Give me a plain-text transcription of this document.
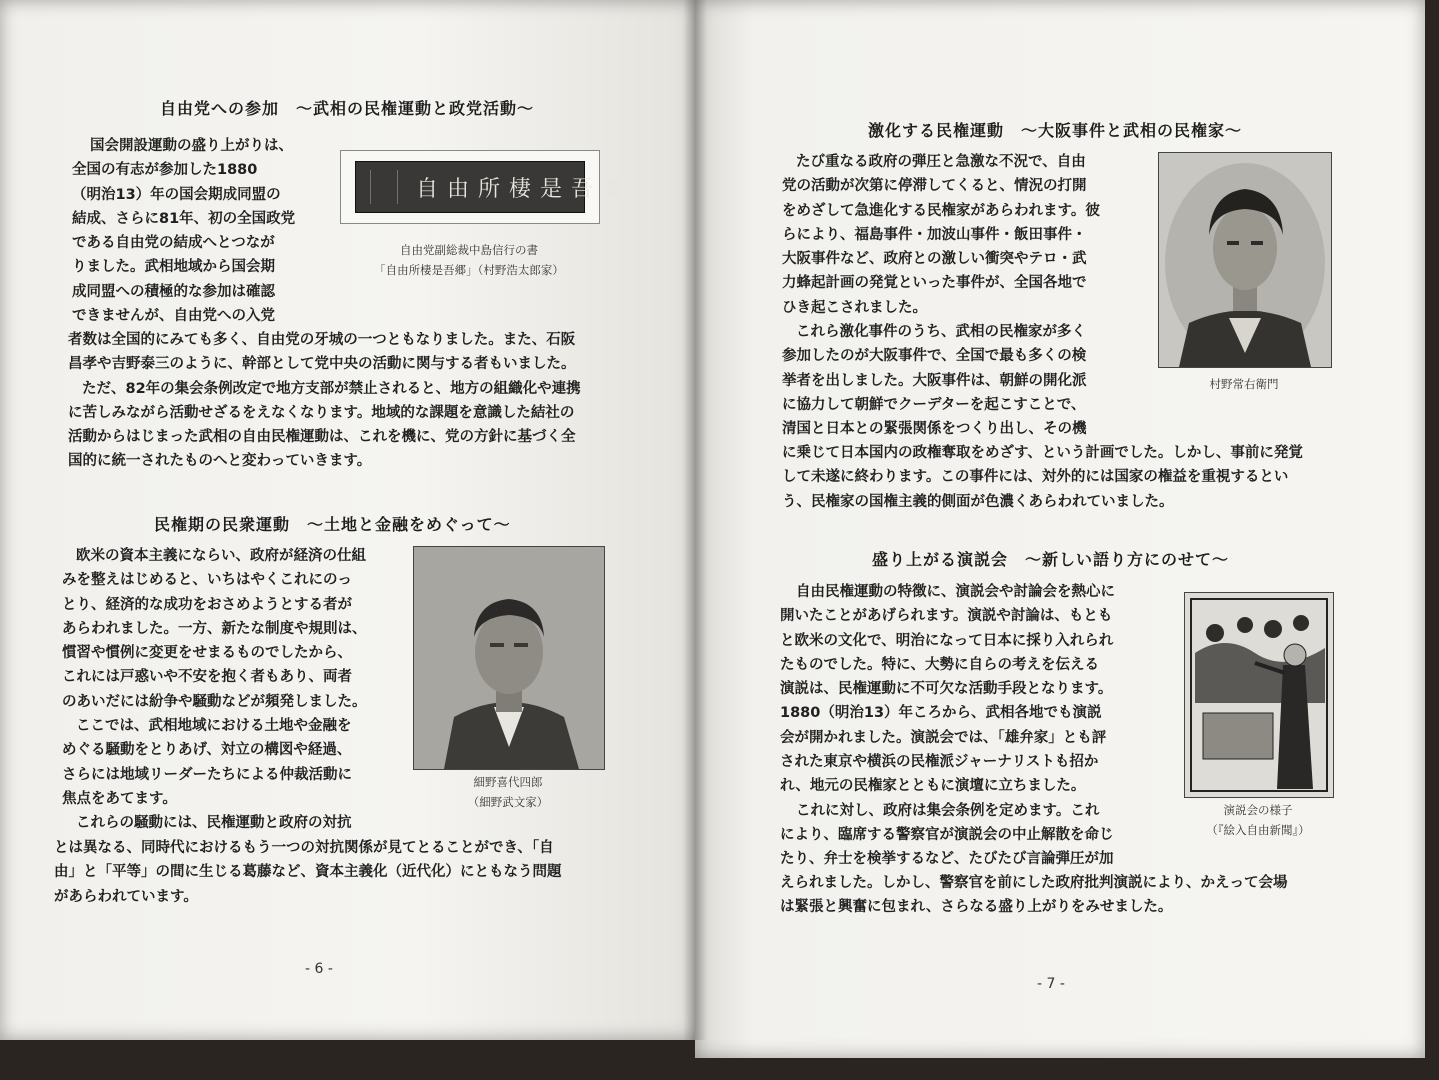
自由党への参加　～武相の民権運動と政党活動～
国会開設運動の盛り上がりは、
全国の有志が参加した1880
（明治13）年の国会期成同盟の
結成、さらに81年、初の全国政党
である自由党の結成へとつなが
りました。武相地域から国会期
成同盟への積極的な参加は確認
できませんが、自由党への入党
自由所棲是吾郷
自由党副総裁中島信行の書
「自由所棲是吾郷」（村野浩太郎家）
者数は全国的にみても多く、自由党の牙城の一つともなりました。また、石阪
昌孝や吉野泰三のように、幹部として党中央の活動に関与する者もいました。
ただ、82年の集会条例改定で地方支部が禁止されると、地方の組織化や連携
に苦しみながら活動せざるをえなくなります。地域的な課題を意識した結社の
活動からはじまった武相の自由民権運動は、これを機に、党の方針に基づく全
国的に統一されたものへと変わっていきます。
民権期の民衆運動　～土地と金融をめぐって～
欧米の資本主義にならい、政府が経済の仕組
みを整えはじめると、いちはやくこれにのっ
とり、経済的な成功をおさめようとする者が
あらわれました。一方、新たな制度や規則は、
慣習や慣例に変更をせまるものでしたから、
これには戸惑いや不安を抱く者もあり、両者
のあいだには紛争や騒動などが頻発しました。
ここでは、武相地域における土地や金融を
めぐる騒動をとりあげ、対立の構図や経過、
さらには地域リーダーたちによる仲裁活動に
焦点をあてます。
これらの騒動には、民権運動と政府の対抗
細野喜代四郎
（細野武文家）
とは異なる、同時代におけるもう一つの対抗関係が見てとることができ、「自
由」と「平等」の間に生じる葛藤など、資本主義化（近代化）にともなう問題
があらわれています。
- 6 -
激化する民権運動　～大阪事件と武相の民権家～
たび重なる政府の弾圧と急激な不況で、自由
党の活動が次第に停滞してくると、情況の打開
をめざして急進化する民権家があらわれます。彼
らにより、福島事件・加波山事件・飯田事件・
大阪事件など、政府との激しい衝突やテロ・武
力蜂起計画の発覚といった事件が、全国各地で
ひき起こされました。
これら激化事件のうち、武相の民権家が多く
参加したのが大阪事件で、全国で最も多くの検
挙者を出しました。大阪事件は、朝鮮の開化派
に協力して朝鮮でクーデターを起こすことで、
清国と日本との緊張関係をつくり出し、その機
村野常右衛門
に乗じて日本国内の政権奪取をめざす、という計画でした。しかし、事前に発覚
して未遂に終わります。この事件には、対外的には国家の権益を重視するとい
う、民権家の国権主義的側面が色濃くあらわれていました。
盛り上がる演説会　～新しい語り方にのせて～
自由民権運動の特徴に、演説会や討論会を熱心に
開いたことがあげられます。演説や討論は、もとも
と欧米の文化で、明治になって日本に採り入れられ
たものでした。特に、大勢に自らの考えを伝える
演説は、民権運動に不可欠な活動手段となります。
1880（明治13）年ころから、武相各地でも演説
会が開かれました。演説会では、「雄弁家」とも評
された東京や横浜の民権派ジャーナリストも招か
れ、地元の民権家とともに演壇に立ちました。
これに対し、政府は集会条例を定めます。これ
により、臨席する警察官が演説会の中止解散を命じ
たり、弁士を検挙するなど、たびたび言論弾圧が加
演説会の様子
（『絵入自由新聞』）
えられました。しかし、警察官を前にした政府批判演説により、かえって会場
は緊張と興奮に包まれ、さらなる盛り上がりをみせました。
- 7 -
